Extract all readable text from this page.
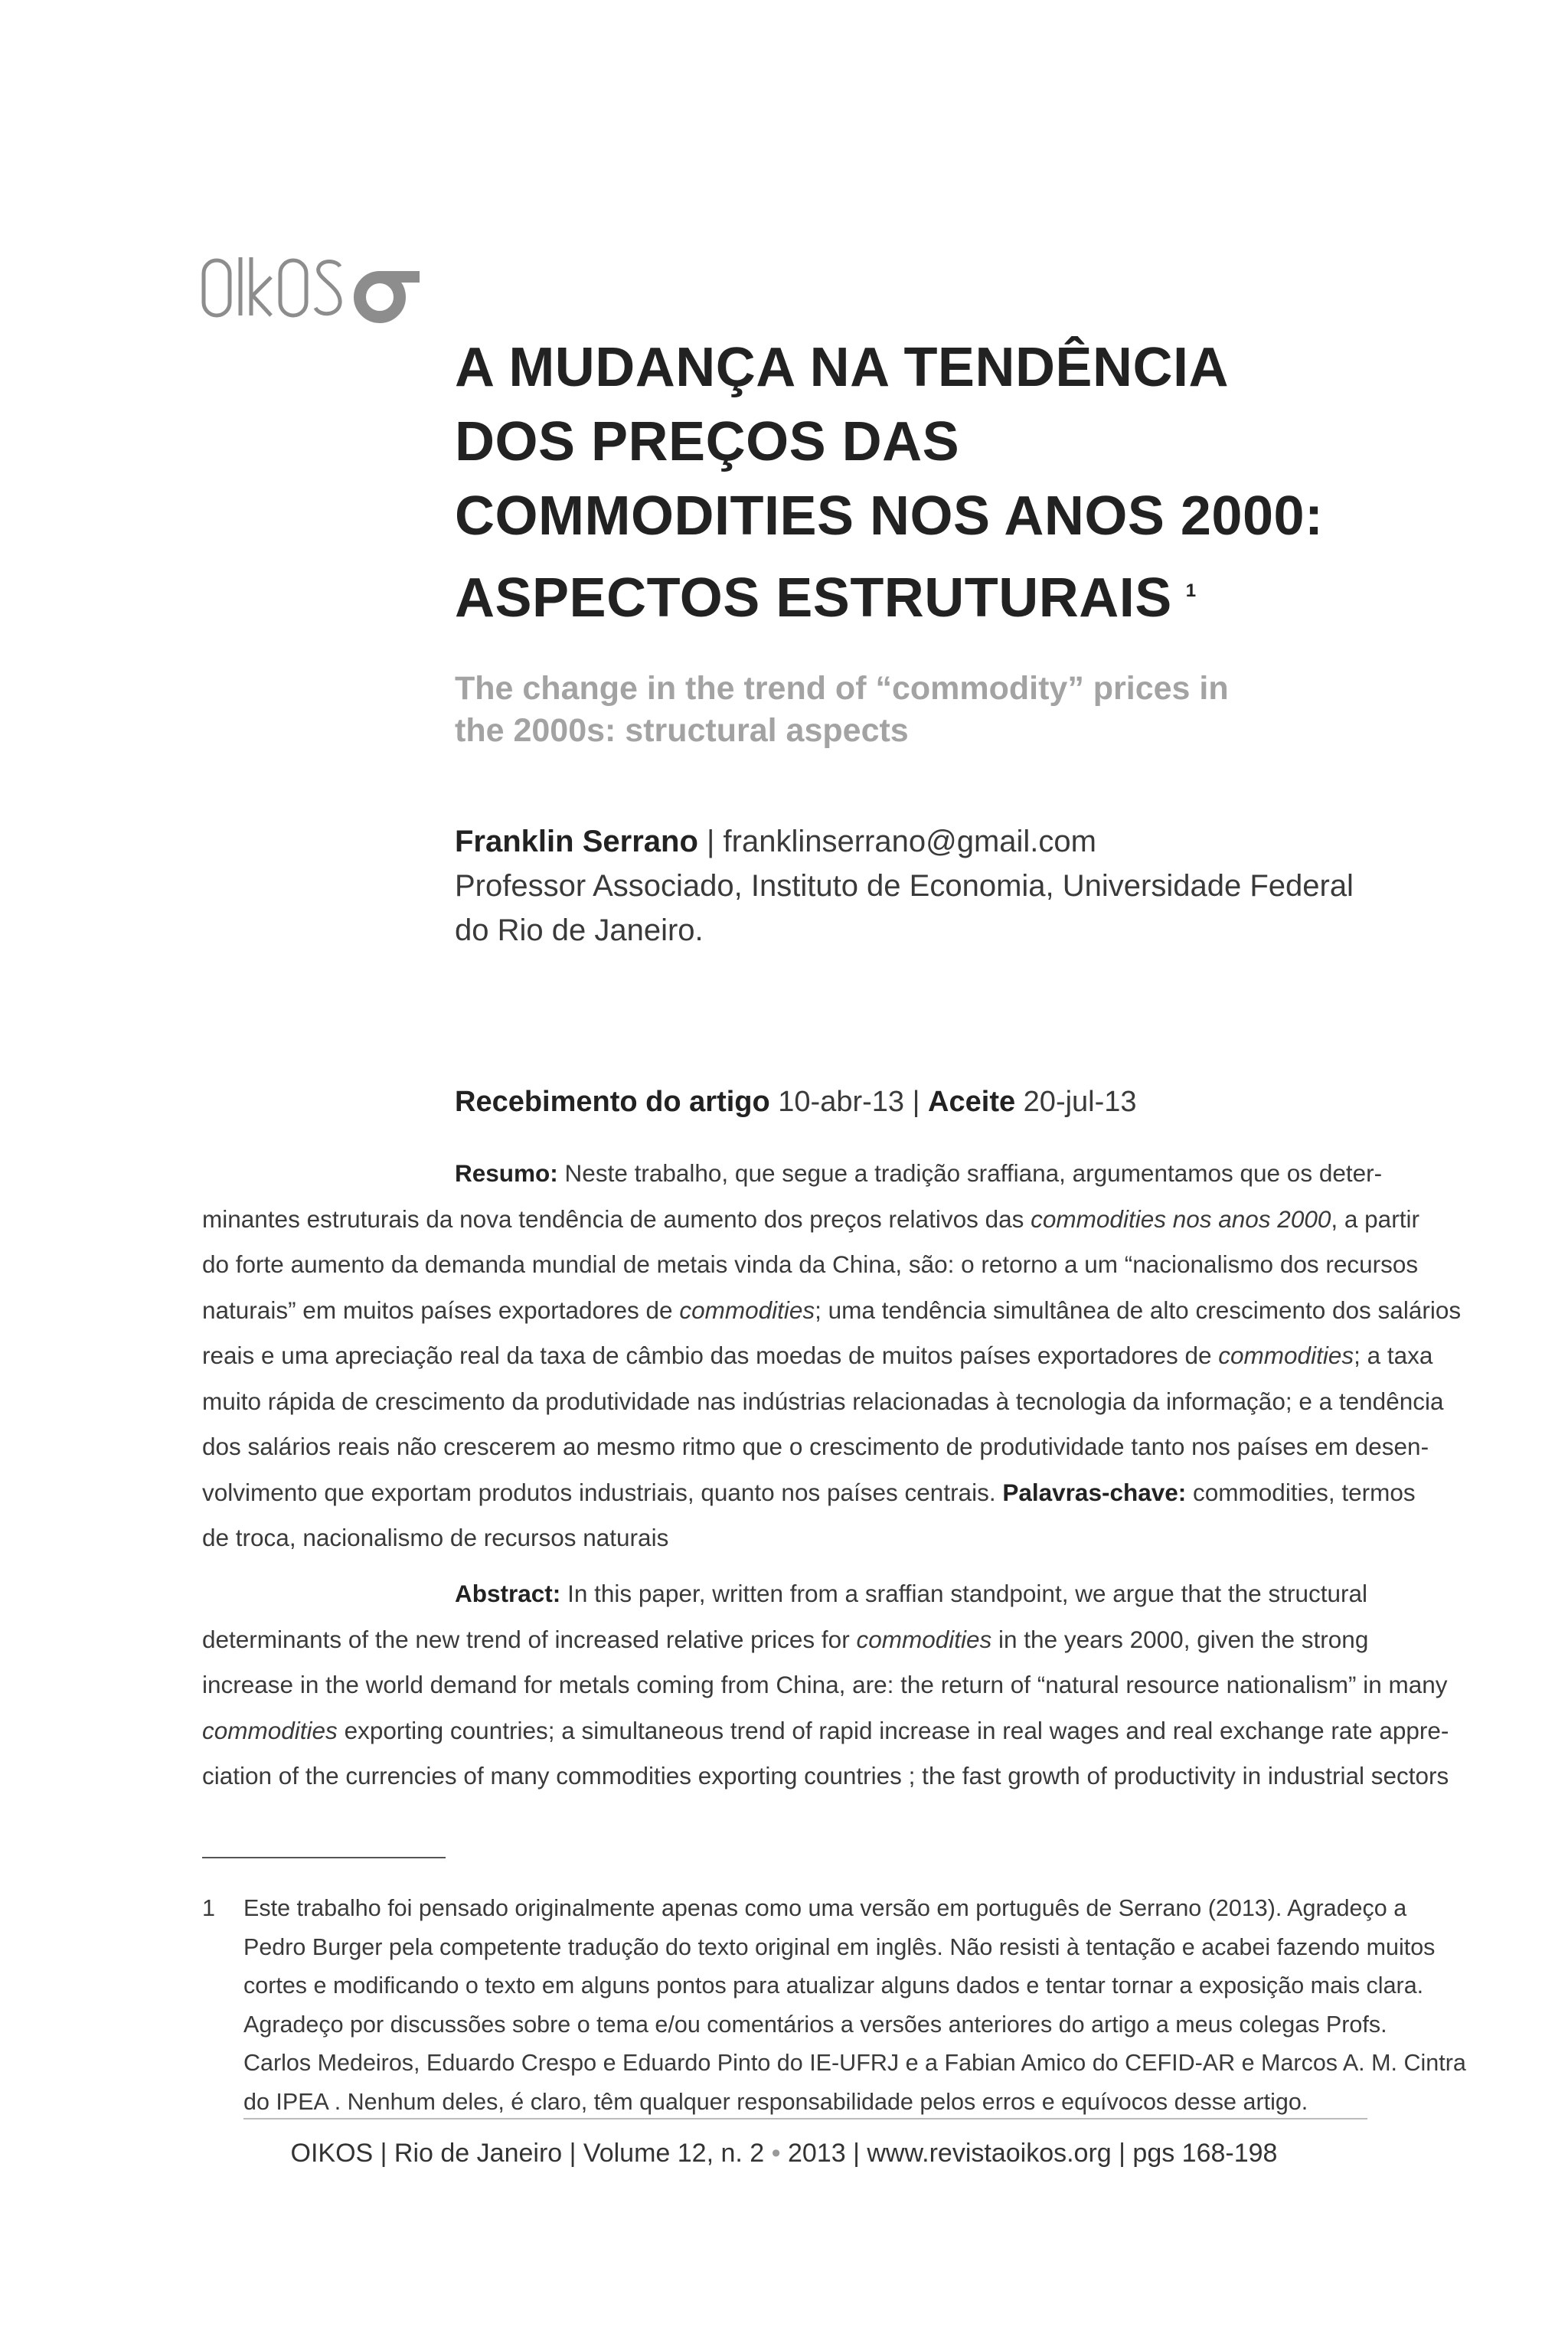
A MUDANÇA NA TENDÊNCIA
DOS PREÇOS DAS
COMMODITIES NOS ANOS 2000:
ASPECTOS ESTRUTURAIS $^1$
The change in the trend of “commodity” prices in
the 2000s: structural aspects
Franklin Serrano | franklinserrano@gmail.com
Professor Associado, Instituto de Economia, Universidade Federal
do Rio de Janeiro.
Recebimento do artigo 10-abr-13 | Aceite 20-jul-13
Resumo: Neste trabalho, que segue a tradição sraffiana, argumentamos que os deter-
minantes estruturais da nova tendência de aumento dos preços relativos das commodities nos anos 2000, a partir
do forte aumento da demanda mundial de metais vinda da China, são: o retorno a um “nacionalismo dos recursos
naturais” em muitos países exportadores de commodities; uma tendência simultânea de alto crescimento dos salários
reais e uma apreciação real da taxa de câmbio das moedas de muitos países exportadores de commodities; a taxa
muito rápida de crescimento da produtividade nas indústrias relacionadas à tecnologia da informação; e a tendência
dos salários reais não crescerem ao mesmo ritmo que o crescimento de produtividade tanto nos países em desen-
volvimento que exportam produtos industriais, quanto nos países centrais. Palavras-chave: commodities, termos
de troca, nacionalismo de recursos naturais
Abstract: In this paper, written from a sraffian standpoint, we argue that the structural
determinants of the new trend of increased relative prices for commodities in the years 2000, given the strong
increase in the world demand for metals coming from China, are: the return of “natural resource nationalism” in many
commodities exporting countries; a simultaneous trend of rapid increase in real wages and real exchange rate appre-
ciation of the currencies of many commodities exporting countries ; the fast growth of productivity in industrial sectors
1 Este trabalho foi pensado originalmente apenas como uma versão em português de Serrano (2013). Agradeço a
Pedro Burger pela competente tradução do texto original em inglês. Não resisti à tentação e acabei fazendo muitos
cortes e modificando o texto em alguns pontos para atualizar alguns dados e tentar tornar a exposição mais clara.
Agradeço por discussões sobre o tema e/ou comentários a versões anteriores do artigo a meus colegas Profs.
Carlos Medeiros, Eduardo Crespo e Eduardo Pinto do IE-UFRJ e a Fabian Amico do CEFID-AR e Marcos A. M. Cintra
do IPEA . Nenhum deles, é claro, têm qualquer responsabilidade pelos erros e equívocos desse artigo.
OIKOS | Rio de Janeiro | Volume 12, n. 2 • 2013 | www.revistaoikos.org | pgs 168-198
